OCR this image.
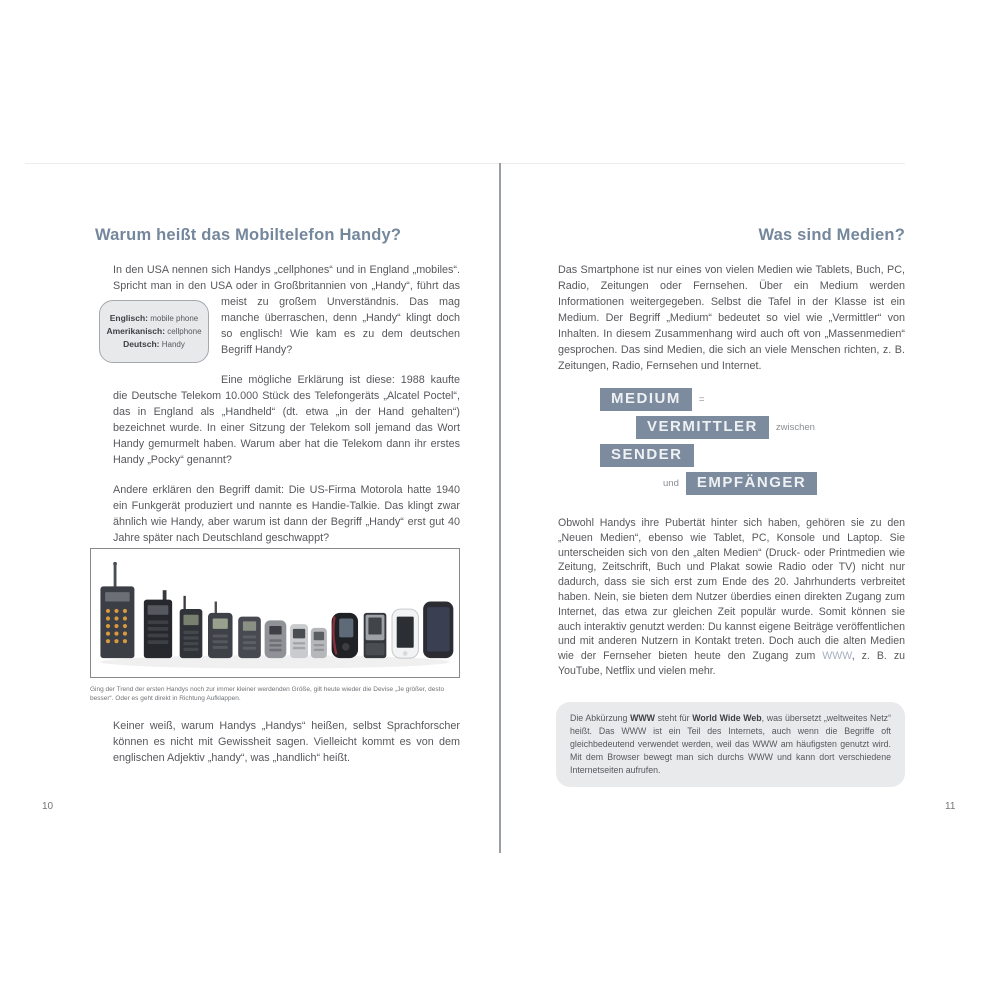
Warum heißt das Mobiltelefon Handy?

In den USA nennen sich Handys „cellphones“ und in England „mobiles“. Spricht man in den USA oder in Großbritannien von „Handy“, führt das
Englisch: mobile phone
Amerikanisch: cellphone
Deutsch: Handy
meist zu großem Unverständnis. Das mag manche überraschen, denn „Handy“ klingt doch so englisch! Wie kam es zu dem deutschen Begriff Handy?

Eine mögliche Erklärung ist diese: 1988 kaufte die Deutsche Telekom 10.000 Stück des Telefongeräts „Alcatel Poctel“, das in England als „Handheld“ (dt. etwa „in der Hand gehalten“) bezeichnet wurde. In einer Sitzung der Telekom soll jemand das Wort Handy gemurmelt haben. Warum aber hat die Telekom dann ihr erstes Handy „Pocky“ genannt?

Andere erklären den Begriff damit: Die US-Firma Motorola hatte 1940 ein Funkgerät produziert und nannte es Handie-Talkie. Das klingt zwar ähnlich wie Handy, aber warum ist dann der Begriff „Handy“ erst gut 40 Jahre später nach Deutschland geschwappt?

Ging der Trend der ersten Handys noch zur immer kleiner werdenden Größe, gilt heute wieder die Devise „Je größer, desto besser“. Oder es geht direkt in Richtung Aufklappen.

Keiner weiß, warum Handys „Handys“ heißen, selbst Sprachforscher können es nicht mit Gewissheit sagen. Vielleicht kommt es von dem englischen Adjektiv „handy“, was „handlich“ heißt.

10
Was sind Medien?

Das Smartphone ist nur eines von vielen Medien wie Tablets, Buch, PC, Radio, Zeitungen oder Fernsehen. Über ein Medium werden Informationen weitergegeben. Selbst die Tafel in der Klasse ist ein Medium. Der Begriff „Medium“ bedeutet so viel wie „Vermittler“ von Inhalten. In diesem Zusammenhang wird auch oft von „Massenmedien“ gesprochen. Das sind Medien, die sich an viele Menschen richten, z. B. Zeitungen, Radio, Fernsehen und Internet.

MEDIUM =
VERMITTLER zwischen
SENDER
und EMPFÄNGER

Obwohl Handys ihre Pubertät hinter sich haben, gehören sie zu den „Neuen Medien“, ebenso wie Tablet, PC, Konsole und Laptop. Sie unterscheiden sich von den „alten Medien“ (Druck- oder Printmedien wie Zeitung, Zeitschrift, Buch und Plakat sowie Radio oder TV) nicht nur dadurch, dass sie sich erst zum Ende des 20. Jahrhunderts verbreitet haben. Nein, sie bieten dem Nutzer überdies einen direkten Zugang zum Internet, das etwa zur gleichen Zeit populär wurde. Somit können sie auch interaktiv genutzt werden: Du kannst eigene Beiträge veröffentlichen und mit anderen Nutzern in Kontakt treten. Doch auch die alten Medien wie der Fernseher bieten heute den Zugang zum WWW, z. B. zu YouTube, Netflix und vielen mehr.

Die Abkürzung WWW steht für World Wide Web, was übersetzt „weltweites Netz“ heißt. Das WWW ist ein Teil des Internets, auch wenn die Begriffe oft gleichbedeutend verwendet werden, weil das WWW am häufigsten genutzt wird. Mit dem Browser bewegt man sich durchs WWW und kann dort verschiedene Internetseiten aufrufen.
11
